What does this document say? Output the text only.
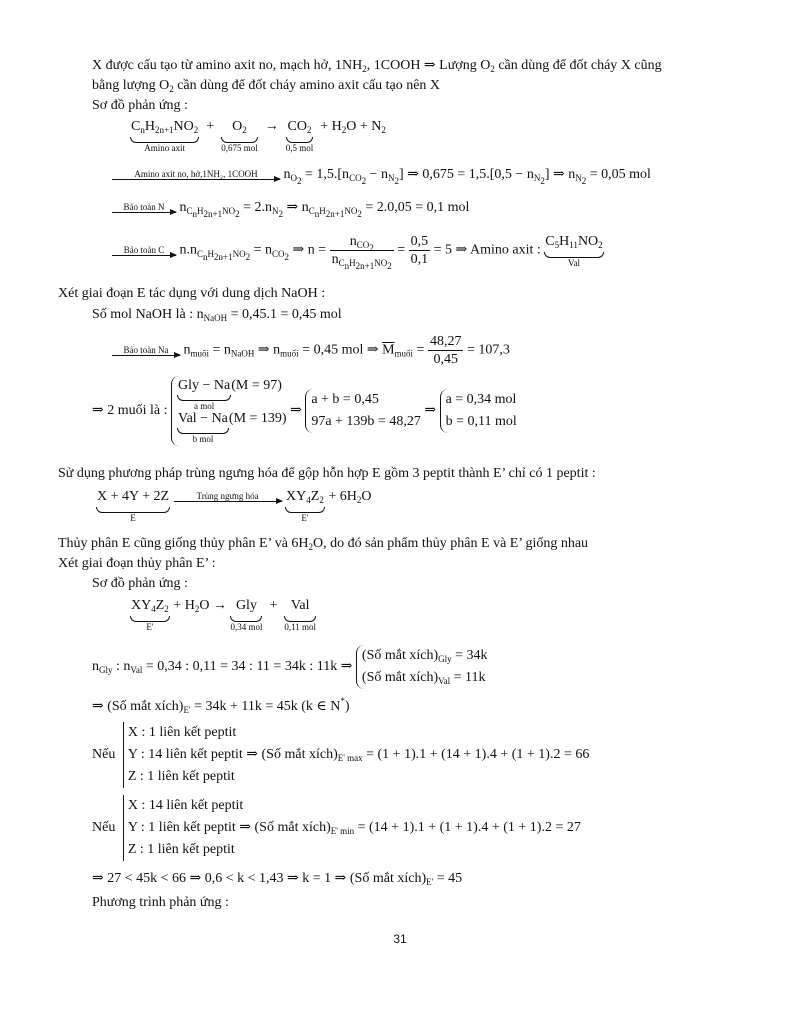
X được cấu tạo từ amino axit no, mạch hở, $1NH_2$, 1COOH ⇒ Lượng $O_2$ cần dùng để đốt cháy X cũng
bằng lượng $O_2$ cần dùng để đốt cháy amino axit cấu tạo nên X
Sơ đồ phản ứng :
$C_nH_{2n+1}NO_2$
Amino axit
+ $O_2$
0,675 mol
→ $CO_2$
0,5 mol
+ $H_2O + N_2$
Amino axit no, hở,1NH₂, 1COOH	$n_{O_2} = 1,5.[n_{CO_2} - n_{N_2}]$ ⇒ $0,675 = 1,5.[0,5 - n_{N_2}]$ ⇒ $n_{N_2} = 0,05$ mol
Bảo toàn N $n_{C_nH_{2n+1}NO_2} = 2.n_{N_2}$ ⇒ $n_{C_nH_{2n+1}NO_2} = 2.0,05 = 0,1$ mol
Bảo toàn C $n.n_{C_nH_{2n+1}NO_2} = n_{CO_2}$ ⇒ $n = \frac{n_{CO_2}}{n_{C_nH_{2n+1}NO_2}} = \frac{0,5}{0,1} = 5$ ⇒ Amino axit :
$C_5H_{11}NO_2$
Val
Xét giai đoạn E tác dụng với dung dịch NaOH :
Số mol NaOH là : $n_{NaOH} = 0,45.1 = 0,45$ mol
Bảo toàn Na $n_{muối} = n_{NaOH}$ ⇒ $n_{muối} = 0,45$ mol ⇒ $\overline{M}_{muối} = \frac{48,27}{0,45} = 107,3$
⇒ 2 muối là :
Gly − Na
a mol
(M = 97)
Val − Na
b mol
(M = 139)
⇒
a + b = 0,45
97a + 139b = 48,27
⇒
a = 0,34 mol
b = 0,11 mol
Sử dụng phương pháp trùng ngưng hóa để gộp hỗn hợp E gồm 3 peptit thành E’ chỉ có 1 peptit :
X + 4Y + 2Z
E

Trùng ngưng hóa
	$XY_4Z_2$
E'
+ $6H_2O$
Thủy phân E cũng giống thủy phân E’ và $6H_2O$, do đó sản phẩm thủy phân E và E’ giống nhau
Xét giai đoạn thủy phân E’ :
Sơ đồ phản ứng :
$XY_4Z_2$
E'
+ $H_2O$ → Gly
0,34 mol
+ Val
0,11 mol
$n_{Gly}$ : $n_{Val} = 0,34$ : 0,11 = 34 : 11 = 34k : 11k ⇒
(Số mắt $xích)_{Gly} = 34k$
(Số mắt $xích)_{Val} = 11k$
⇒ (Số mắt $xích)_{E'} = 34k + 11k = 45k$ (k ∈ N*)
Nếu
X : 1 liên kết peptit
Y : 14 liên kết peptit ⇒ (Số mắt $xích)_{E' max} = (1 + 1).1 + (14 + 1).4 + (1 + 1).2 = 66$
Z : 1 liên kết peptit
Nếu
X : 14 liên kết peptit
Y : 1 liên kết peptit ⇒ (Số mắt $xích)_{E' min} = (14 + 1).1 + (1 + 1).4 + (1 + 1).2 = 27$
Z : 1 liên kết peptit
⇒ 27 < 45k < 66 ⇒ 0,6 < k < 1,43 ⇒ k = 1 ⇒ (Số mắt $xích)_{E'} = 45$
Phương trình phản ứng :
31
